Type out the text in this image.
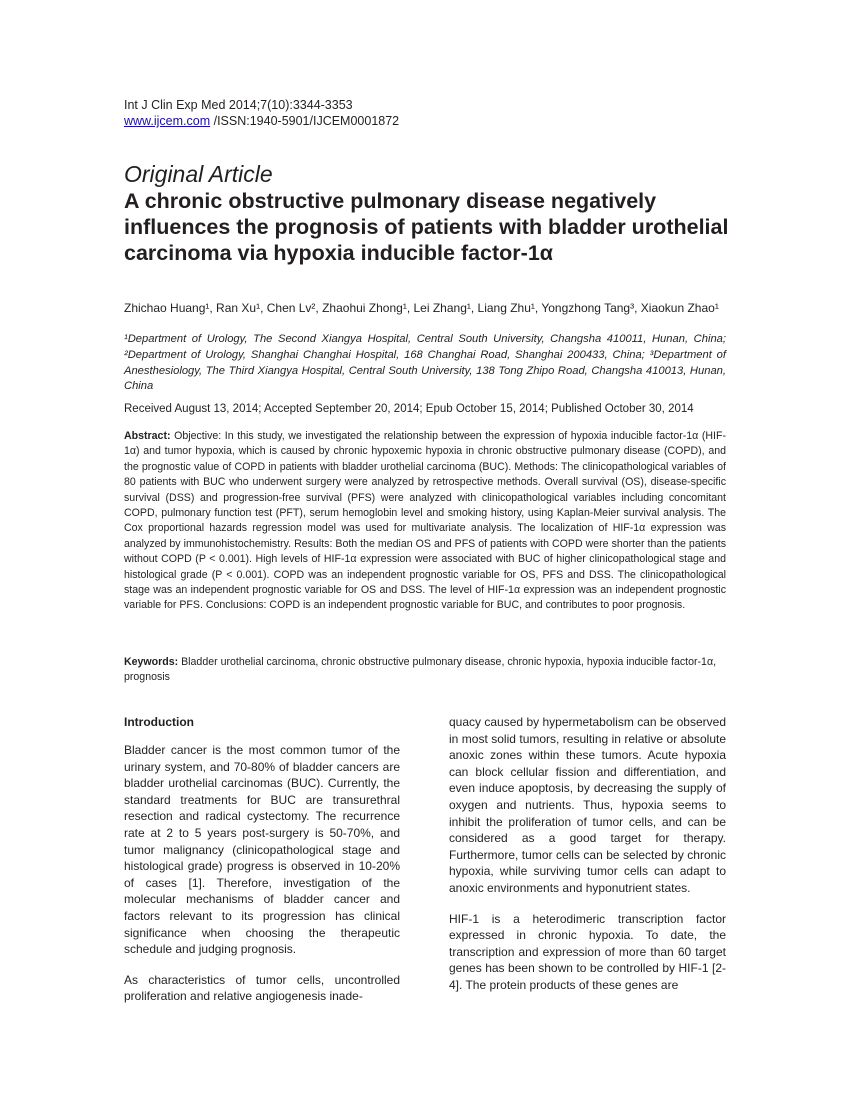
Int J Clin Exp Med 2014;7(10):3344-3353
www.ijcem.com /ISSN:1940-5901/IJCEM0001872
Original Article
A chronic obstructive pulmonary disease negatively influences the prognosis of patients with bladder urothelial carcinoma via hypoxia inducible factor-1α
Zhichao Huang¹, Ran Xu¹, Chen Lv², Zhaohui Zhong¹, Lei Zhang¹, Liang Zhu¹, Yongzhong Tang³, Xiaokun Zhao¹
¹Department of Urology, The Second Xiangya Hospital, Central South University, Changsha 410011, Hunan, China; ²Department of Urology, Shanghai Changhai Hospital, 168 Changhai Road, Shanghai 200433, China; ³Department of Anesthesiology, The Third Xiangya Hospital, Central South University, 138 Tong Zhipo Road, Changsha 410013, Hunan, China
Received August 13, 2014; Accepted September 20, 2014; Epub October 15, 2014; Published October 30, 2014
Abstract: Objective: In this study, we investigated the relationship between the expression of hypoxia inducible factor-1α (HIF-1α) and tumor hypoxia, which is caused by chronic hypoxemic hypoxia in chronic obstructive pulmonary disease (COPD), and the prognostic value of COPD in patients with bladder urothelial carcinoma (BUC). Methods: The clinicopathological variables of 80 patients with BUC who underwent surgery were analyzed by retrospective methods. Overall survival (OS), disease-specific survival (DSS) and progression-free survival (PFS) were analyzed with clinicopathological variables including concomitant COPD, pulmonary function test (PFT), serum hemoglobin level and smoking history, using Kaplan-Meier survival analysis. The Cox proportional hazards regression model was used for multivariate analysis. The localization of HIF-1α expression was analyzed by immunohistochemistry. Results: Both the median OS and PFS of patients with COPD were shorter than the patients without COPD (P < 0.001). High levels of HIF-1α expression were associated with BUC of higher clinicopathological stage and histological grade (P < 0.001). COPD was an independent prognostic variable for OS, PFS and DSS. The clinicopathological stage was an independent prognostic variable for OS and DSS. The level of HIF-1α expression was an independent prognostic variable for PFS. Conclusions: COPD is an independent prognostic variable for BUC, and contributes to poor prognosis.
Keywords: Bladder urothelial carcinoma, chronic obstructive pulmonary disease, chronic hypoxia, hypoxia inducible factor-1α, prognosis
Introduction

Bladder cancer is the most common tumor of the urinary system, and 70-80% of bladder cancers are bladder urothelial carcinomas (BUC). Currently, the standard treatments for BUC are transurethral resection and radical cystectomy. The recurrence rate at 2 to 5 years post-surgery is 50-70%, and tumor malignancy (clinicopathological stage and histological grade) progress is observed in 10-20% of cases [1]. Therefore, investigation of the molecular mechanisms of bladder cancer and factors relevant to its progression has clinical significance when choosing the therapeutic schedule and judging prognosis.

As characteristics of tumor cells, uncontrolled proliferation and relative angiogenesis inade-

quacy caused by hypermetabolism can be observed in most solid tumors, resulting in relative or absolute anoxic zones within these tumors. Acute hypoxia can block cellular fission and differentiation, and even induce apoptosis, by decreasing the supply of oxygen and nutrients. Thus, hypoxia seems to inhibit the proliferation of tumor cells, and can be considered as a good target for therapy. Furthermore, tumor cells can be selected by chronic hypoxia, while surviving tumor cells can adapt to anoxic environments and hyponutrient states.

HIF-1 is a heterodimeric transcription factor expressed in chronic hypoxia. To date, the transcription and expression of more than 60 target genes has been shown to be controlled by HIF-1 [2-4]. The protein products of these genes are
